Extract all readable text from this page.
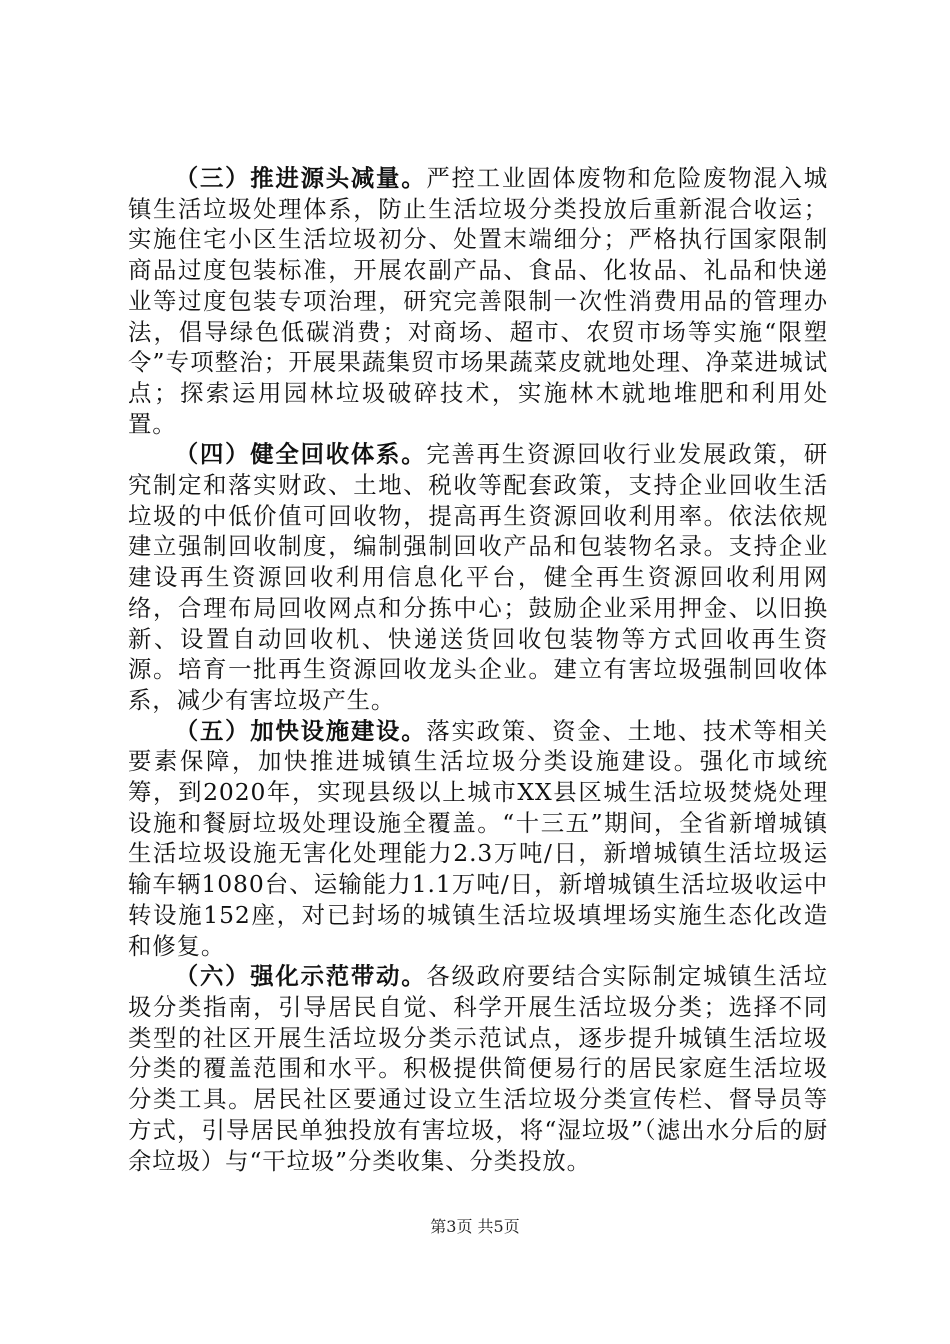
（三）推进源头减量。严控工业固体废物和危险废物混入城镇生活垃圾处理体系，防止生活垃圾分类投放后重新混合收运；实施住宅小区生活垃圾初分、处置末端细分；严格执行国家限制商品过度包装标准，开展农副产品、食品、化妆品、礼品和快递业等过度包装专项治理，研究完善限制一次性消费用品的管理办法，倡导绿色低碳消费；对商场、超市、农贸市场等实施“限塑令”专项整治；开展果蔬集贸市场果蔬菜皮就地处理、净菜进城试点；探索运用园林垃圾破碎技术，实施林木就地堆肥和利用处置。

（四）健全回收体系。完善再生资源回收行业发展政策，研究制定和落实财政、土地、税收等配套政策，支持企业回收生活垃圾的中低价值可回收物，提高再生资源回收利用率。依法依规建立强制回收制度，编制强制回收产品和包装物名录。支持企业建设再生资源回收利用信息化平台，健全再生资源回收利用网络，合理布局回收网点和分拣中心；鼓励企业采用押金、以旧换新、设置自动回收机、快递送货回收包装物等方式回收再生资源。培育一批再生资源回收龙头企业。建立有害垃圾强制回收体系，减少有害垃圾产生。

（五）加快设施建设。落实政策、资金、土地、技术等相关要素保障，加快推进城镇生活垃圾分类设施建设。强化市域统筹，到2020年，实现县级以上城市XX县区城生活垃圾焚烧处理设施和餐厨垃圾处理设施全覆盖。“十三五”期间，全省新增城镇生活垃圾设施无害化处理能力2.3万吨/日，新增城镇生活垃圾运输车辆1080台、运输能力1.1万吨/日，新增城镇生活垃圾收运中转设施152座，对已封场的城镇生活垃圾填埋场实施生态化改造和修复。

（六）强化示范带动。各级政府要结合实际制定城镇生活垃圾分类指南，引导居民自觉、科学开展生活垃圾分类；选择不同类型的社区开展生活垃圾分类示范试点，逐步提升城镇生活垃圾分类的覆盖范围和水平。积极提供简便易行的居民家庭生活垃圾分类工具。居民社区要通过设立生活垃圾分类宣传栏、督导员等方式，引导居民单独投放有害垃圾，将“湿垃圾”（滤出水分后的厨余垃圾）与“干垃圾”分类收集、分类投放。

第3页 共5页
